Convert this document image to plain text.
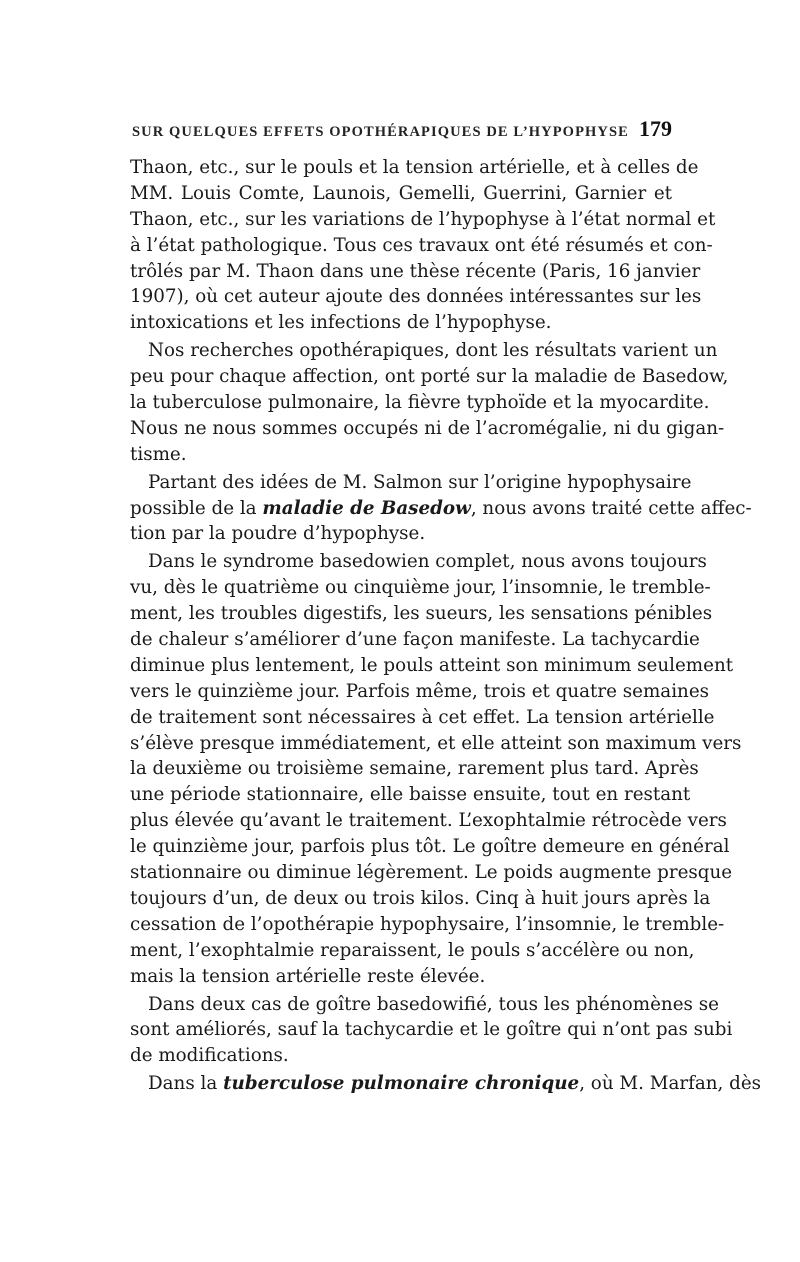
SUR QUELQUES EFFETS OPOTHÉRAPIQUES DE L’HYPOPHYSE 179
Thaon, etc., sur le pouls et la tension artérielle, et à celles de
MM. Louis Comte, Launois, Gemelli, Guerrini, Garnier et
Thaon, etc., sur les variations de l’hypophyse à l’état normal et
à l’état pathologique. Tous ces travaux ont été résumés et con-
trôlés par M. Thaon dans une thèse récente (Paris, 16 janvier
1907), où cet auteur ajoute des données intéressantes sur les
intoxications et les infections de l’hypophyse.
Nos recherches opothérapiques, dont les résultats varient un
peu pour chaque affection, ont porté sur la maladie de Basedow,
la tuberculose pulmonaire, la fièvre typhoïde et la myocardite.
Nous ne nous sommes occupés ni de l’acromégalie, ni du gigan-
tisme.
Partant des idées de M. Salmon sur l’origine hypophysaire
possible de la maladie de Basedow, nous avons traité cette affec-
tion par la poudre d’hypophyse.
Dans le syndrome basedowien complet, nous avons toujours
vu, dès le quatrième ou cinquième jour, l’insomnie, le tremble-
ment, les troubles digestifs, les sueurs, les sensations pénibles
de chaleur s’améliorer d’une façon manifeste. La tachycardie
diminue plus lentement, le pouls atteint son minimum seulement
vers le quinzième jour. Parfois même, trois et quatre semaines
de traitement sont nécessaires à cet effet. La tension artérielle
s’élève presque immédiatement, et elle atteint son maximum vers
la deuxième ou troisième semaine, rarement plus tard. Après
une période stationnaire, elle baisse ensuite, tout en restant
plus élevée qu’avant le traitement. L’exophtalmie rétrocède vers
le quinzième jour, parfois plus tôt. Le goître demeure en général
stationnaire ou diminue légèrement. Le poids augmente presque
toujours d’un, de deux ou trois kilos. Cinq à huit jours après la
cessation de l’opothérapie hypophysaire, l’insomnie, le tremble-
ment, l’exophtalmie reparaissent, le pouls s’accélère ou non,
mais la tension artérielle reste élevée.
Dans deux cas de goître basedowifié, tous les phénomènes se
sont améliorés, sauf la tachycardie et le goître qui n’ont pas subi
de modifications.
Dans la tuberculose pulmonaire chronique, où M. Marfan, dès
